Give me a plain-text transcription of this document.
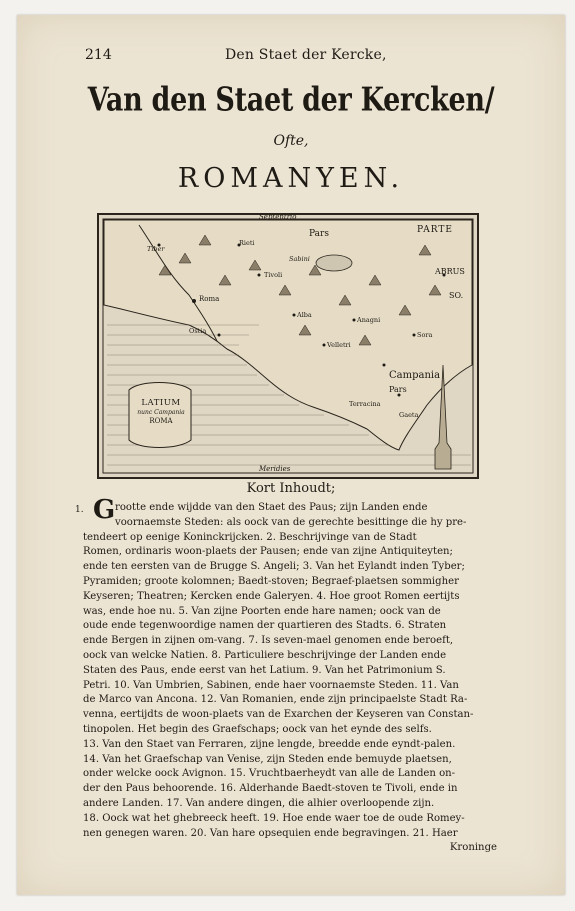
214	Den Staet der Kercke,
Van den Staet der Kercken/
Ofte,
ROMANYEN.
Septentrio
Meridies
PARTE
Pars
Campania
Pars
ABRUS
SO.
Roma
Ostia
Tivoli
Alba
Anagni
Velletri
Terracina
Gaeta
Rieti
Sora
Tiber
Sabini
LATIUM
nunc Campania
ROMA
Kort Inhoudt;
1. G rootte ende wijdde van den Staet des Paus; zijn Landen ende
voornaemste Steden: als oock van de gerechte besittinge die hy pre-
tendeert op eenige Koninckrijcken. 2. Beschrijvinge van de Stadt
Romen, ordinaris woon-plaets der Pausen; ende van zijne Antiquiteyten;
ende ten eersten van de Brugge S. Angeli; 3. Van het Eylandt inden Tyber;
Pyramiden; groote kolomnen; Baedt-stoven; Begraef-plaetsen sommigher
Keyseren; Theatren; Kercken ende Galeryen. 4. Hoe groot Romen eertijts
was, ende hoe nu. 5. Van zijne Poorten ende hare namen; oock van de
oude ende tegenwoordige namen der quartieren des Stadts. 6. Straten
ende Bergen in zijnen om-vang. 7. Is seven-mael genomen ende beroeft,
oock van welcke Natien. 8. Particuliere beschrijvinge der Landen ende
Staten des Paus, ende eerst van het Latium. 9. Van het Patrimonium S.
Petri. 10. Van Umbrien, Sabinen, ende haer voornaemste Steden. 11. Van
de Marco van Ancona. 12. Van Romanien, ende zijn principaelste Stadt Ra-
venna, eertijdts de woon-plaets van de Exarchen der Keyseren van Constan-
tinopolen. Het begin des Graefschaps; oock van het eynde des selfs.
13. Van den Staet van Ferraren, zijne lengde, breedde ende eyndt-palen.
14. Van het Graefschap van Venise, zijn Steden ende bemuyde plaetsen,
onder welcke oock Avignon. 15. Vruchtbaerheydt van alle de Landen on-
der den Paus behoorende. 16. Alderhande Baedt-stoven te Tivoli, ende in
andere Landen. 17. Van andere dingen, die alhier overloopende zijn.
18. Oock wat het ghebreeck heeft. 19. Hoe ende waer toe de oude Romey-
nen genegen waren. 20. Van hare opsequien ende begravingen. 21. Haer
Kroninge
